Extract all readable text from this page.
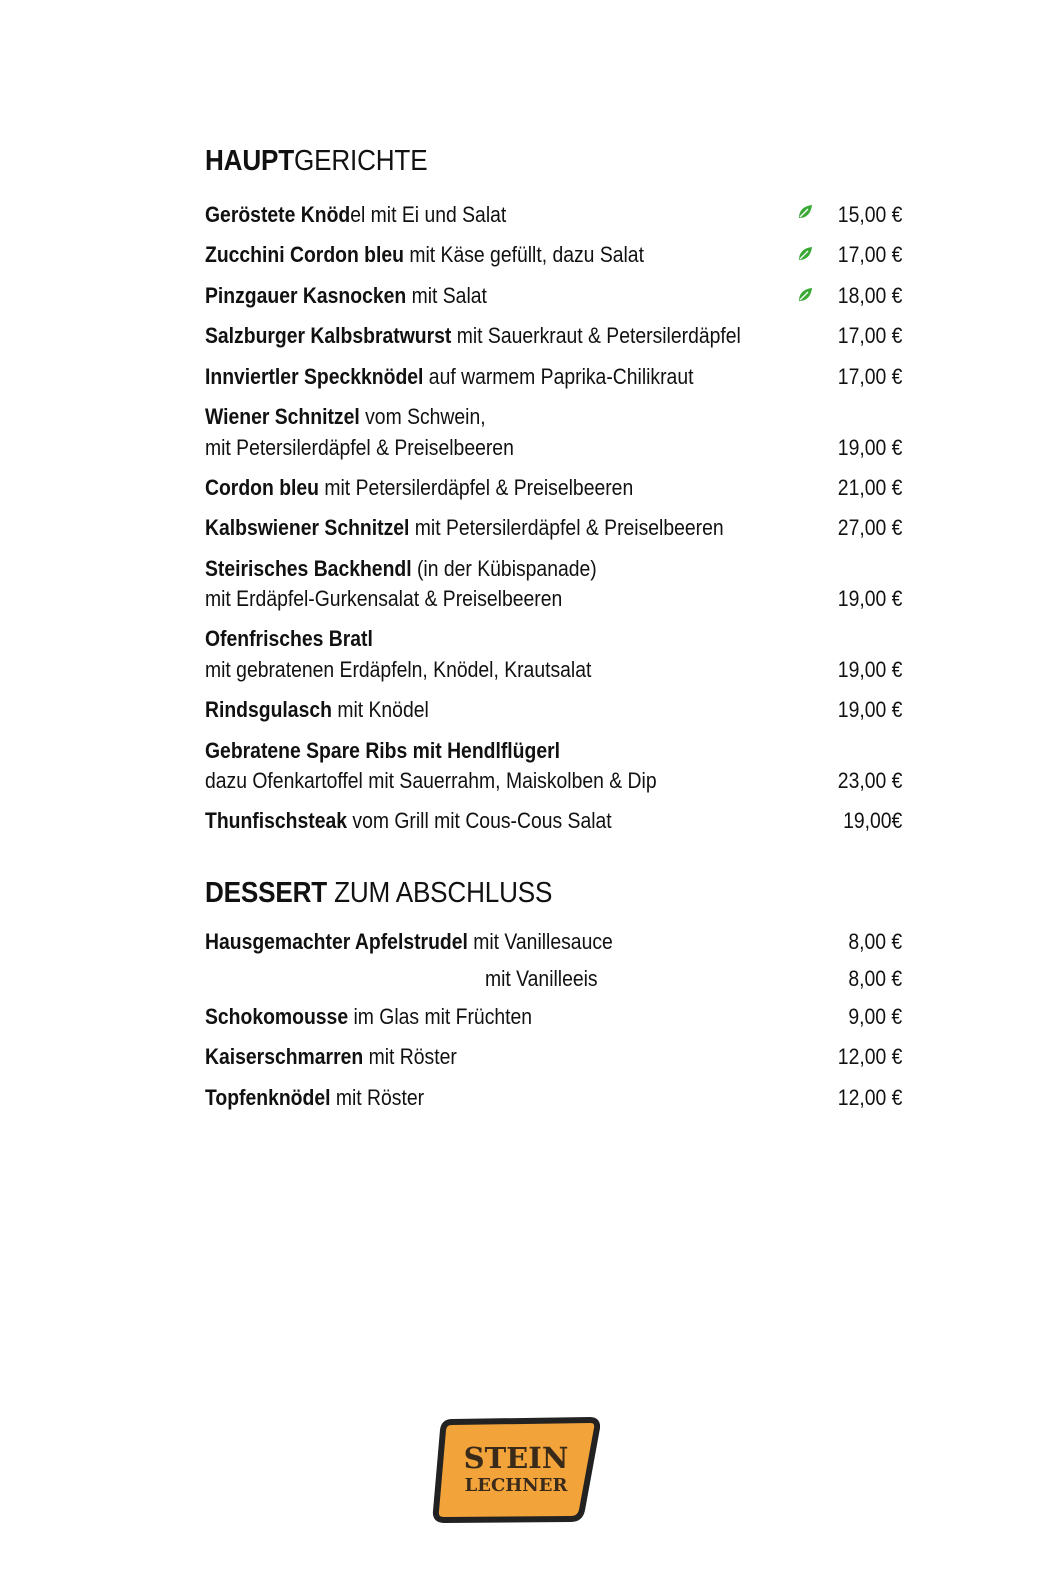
HAUPTGERICHTE
Geröstete Knödel mit Ei und Salat	15,00 €
Zucchini Cordon bleu mit Käse gefüllt, dazu Salat	17,00 €
Pinzgauer Kasnocken mit Salat	18,00 €
Salzburger Kalbsbratwurst mit Sauerkraut & Petersilerdäpfel	17,00 €
Innviertler Speckknödel auf warmem Paprika-Chilikraut	17,00 €
Wiener Schnitzel vom Schwein,
mit Petersilerdäpfel & Preiselbeeren	19,00 €
Cordon bleu mit Petersilerdäpfel & Preiselbeeren	21,00 €
Kalbswiener Schnitzel mit Petersilerdäpfel & Preiselbeeren	27,00 €
Steirisches Backhendl (in der Kübispanade)
mit Erdäpfel-Gurkensalat & Preiselbeeren	19,00 €
Ofenfrisches Bratl
mit gebratenen Erdäpfeln, Knödel, Krautsalat	19,00 €
Rindsgulasch mit Knödel	19,00 €
Gebratene Spare Ribs mit Hendlflügerl
dazu Ofenkartoffel mit Sauerrahm, Maiskolben & Dip	23,00 €
Thunfischsteak vom Grill mit Cous-Cous Salat	19,00€
DESSERT ZUM ABSCHLUSS
Hausgemachter Apfelstrudel mit Vanillesauce	8,00 €
mit Vanilleeis	8,00 €
Schokomousse im Glas mit Früchten	9,00 €
Kaiserschmarren mit Röster	12,00 €
Topfenknödel mit Röster	12,00 €
STEIN
LECHNER
